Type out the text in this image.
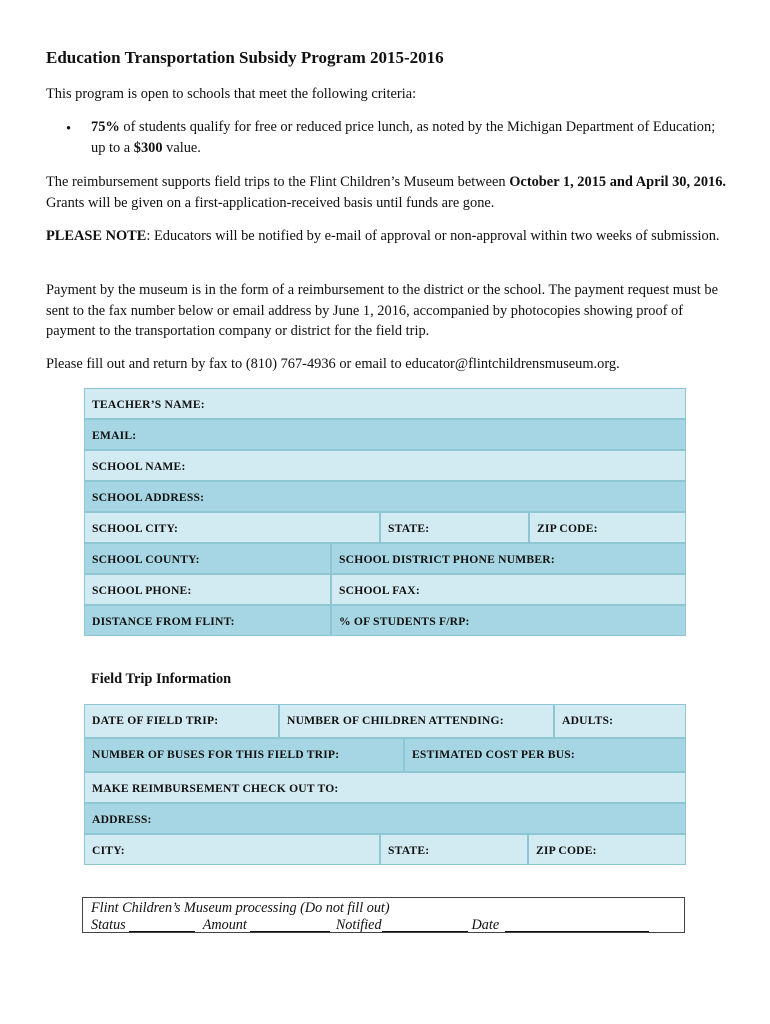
Education Transportation Subsidy Program 2015-2016
This program is open to schools that meet the following criteria:
• 75% of students qualify for free or reduced price lunch, as noted by the Michigan Department of Education; up to a $300 value.
The reimbursement supports field trips to the Flint Children’s Museum between October 1, 2015 and April 30, 2016. Grants will be given on a first-application-received basis until funds are gone.
PLEASE NOTE: Educators will be notified by e-mail of approval or non-approval within two weeks of submission.
Payment by the museum is in the form of a reimbursement to the district or the school. The payment request must be sent to the fax number below or email address by June 1, 2016, accompanied by photocopies showing proof of payment to the transportation company or district for the field trip.
Please fill out and return by fax to (810) 767-4936 or email to educator@flintchildrensmuseum.org.
TEACHER’S NAME:
EMAIL:
SCHOOL NAME:
SCHOOL ADDRESS:
SCHOOL CITY:	STATE:	ZIP CODE:
SCHOOL COUNTY:	SCHOOL DISTRICT PHONE NUMBER:
SCHOOL PHONE:	SCHOOL FAX:
DISTANCE FROM FLINT:	% OF STUDENTS F/RP:
Field Trip Information
DATE OF FIELD TRIP:	NUMBER OF CHILDREN ATTENDING:	ADULTS:
NUMBER OF BUSES FOR THIS FIELD TRIP:	ESTIMATED COST PER BUS:
MAKE REIMBURSEMENT CHECK OUT TO:
ADDRESS:
CITY:	STATE:	ZIP CODE:
Flint Children’s Museum processing (Do not fill out)
Status	Amount	Notified	Date
